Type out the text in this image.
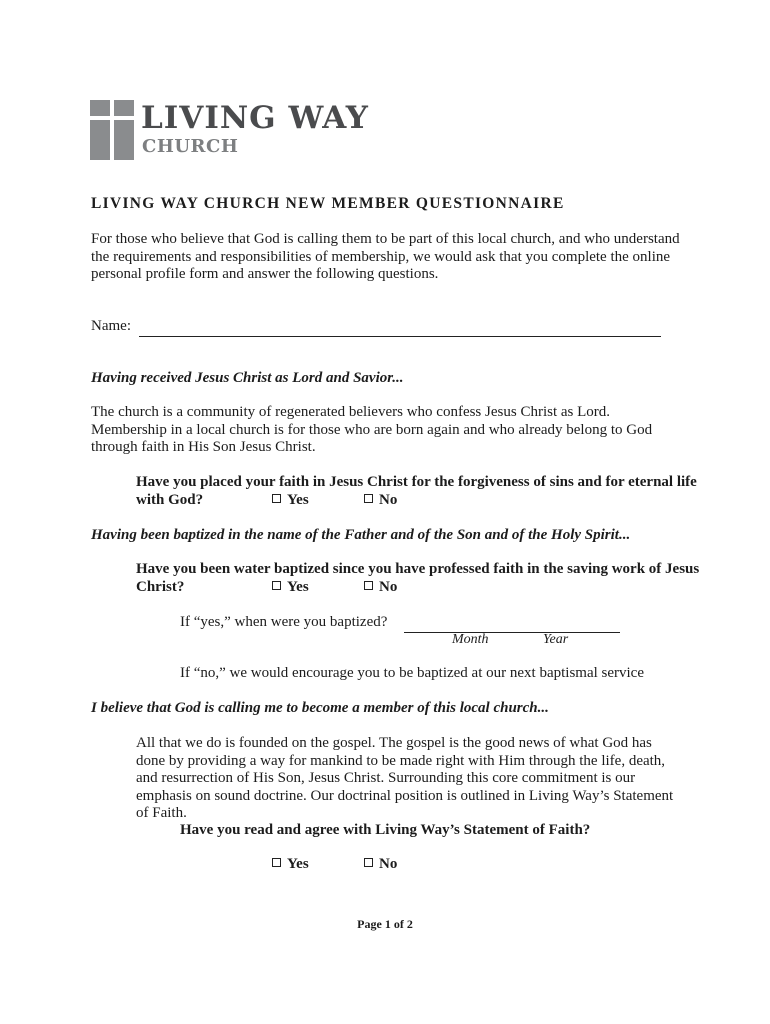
LIVING WAY
CHURCH
LIVING WAY CHURCH NEW MEMBER QUESTIONNAIRE
For those who believe that God is calling them to be part of this local church, and who understand the requirements and responsibilities of membership, we would ask that you complete the online personal profile form and answer the following questions.
Name:
Having received Jesus Christ as Lord and Savior...
The church is a community of regenerated believers who confess Jesus Christ as Lord. Membership in a local church is for those who are born again and who already belong to God through faith in His Son Jesus Christ.
Have you placed your faith in Jesus Christ for the forgiveness of sins and for eternal life
with God?	Yes	No
Having been baptized in the name of the Father and of the Son and of the Holy Spirit...
Have you been water baptized since you have professed faith in the saving work of Jesus
Christ?	Yes	No
If “yes,” when were you baptized?

Month	Year
If “no,” we would encourage you to be baptized at our next baptismal service
I believe that God is calling me to become a member of this local church...
All that we do is founded on the gospel. The gospel is the good news of what God has done by providing a way for mankind to be made right with Him through the life, death, and resurrection of His Son, Jesus Christ. Surrounding this core commitment is our emphasis on sound doctrine. Our doctrinal position is outlined in Living Way’s Statement of Faith.
Have you read and agree with Living Way’s Statement of Faith?
Yes	No
Page 1 of 2
